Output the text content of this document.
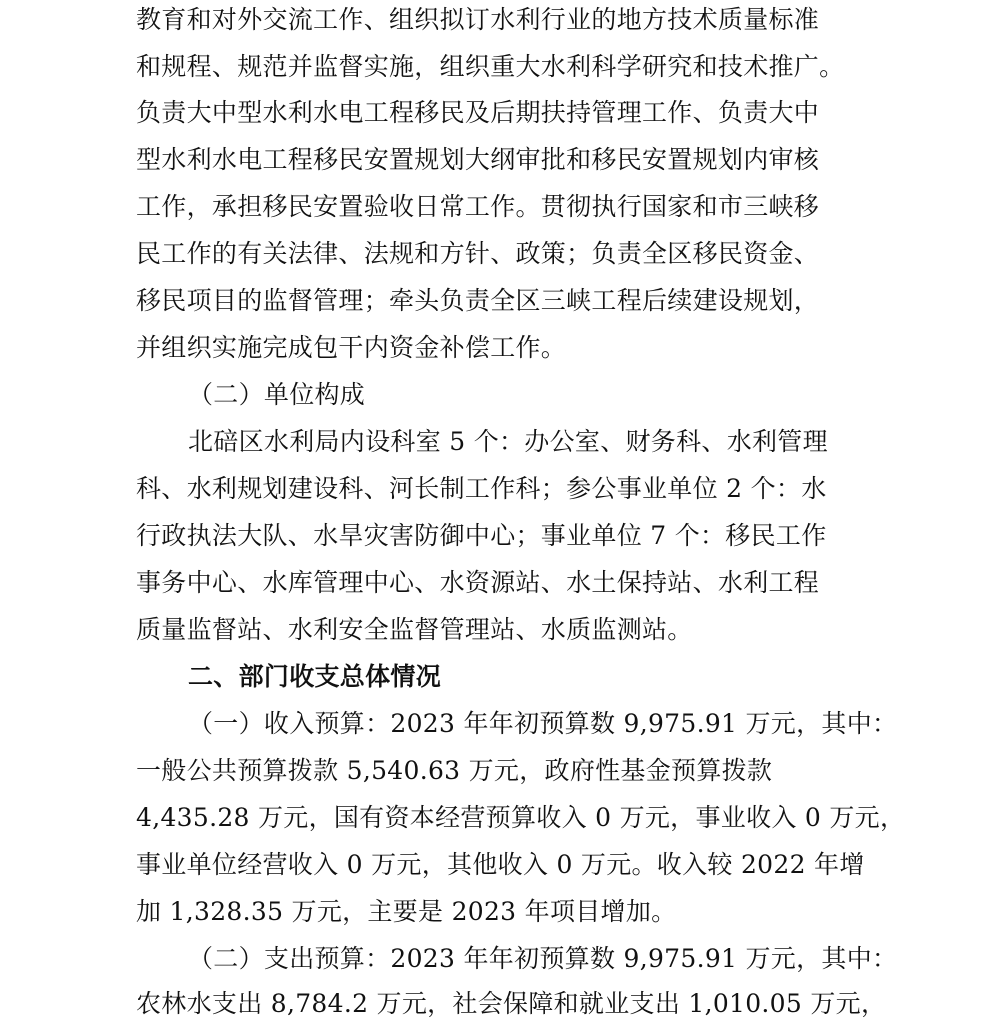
教育和对外交流工作、组织拟订水利行业的地方技术质量标准
和规程、规范并监督实施，组织重大水利科学研究和技术推广。
负责大中型水利水电工程移民及后期扶持管理工作、负责大中
型水利水电工程移民安置规划大纲审批和移民安置规划内审核
工作，承担移民安置验收日常工作。贯彻执行国家和市三峡移
民工作的有关法律、法规和方针、政策；负责全区移民资金、
移民项目的监督管理；牵头负责全区三峡工程后续建设规划，
并组织实施完成包干内资金补偿工作。
（二）单位构成
北碚区水利局内设科室 5 个：办公室、财务科、水利管理
科、水利规划建设科、河长制工作科；参公事业单位 2 个：水
行政执法大队、水旱灾害防御中心；事业单位 7 个：移民工作
事务中心、水库管理中心、水资源站、水土保持站、水利工程
质量监督站、水利安全监督管理站、水质监测站。
二、部门收支总体情况
（一）收入预算：2023 年年初预算数 9,975.91 万元，其中：
一般公共预算拨款 5,540.63 万元，政府性基金预算拨款
4,435.28 万元，国有资本经营预算收入 0 万元，事业收入 0 万元，
事业单位经营收入 0 万元，其他收入 0 万元。收入较 2022 年增
加 1,328.35 万元，主要是 2023 年项目增加。
（二）支出预算：2023 年年初预算数 9,975.91 万元，其中：
农林水支出 8,784.2 万元，社会保障和就业支出 1,010.05 万元，
